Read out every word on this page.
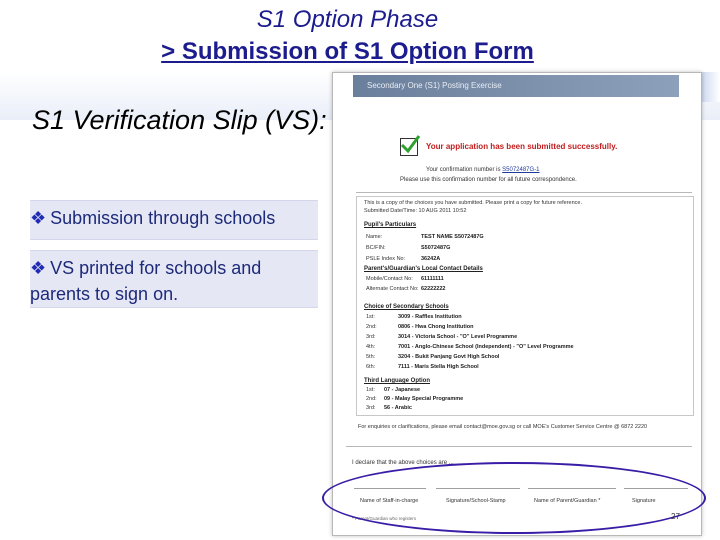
S1 Option Phase
> Submission of S1 Option Form
S1 Verification Slip (VS):
❖ Submission through schools
❖ VS printed for schools and parents to sign on.
Secondary One (S1) Posting Exercise
Your application has been submitted successfully.
Your confirmation number is S5072487G-1
Please use this confirmation number for all future correspondence.
This is a copy of the choices you have submitted. Please print a copy for future reference.
Submitted Date/Time: 10 AUG 2011 10:52
Pupil's Particulars
Name:	TEST NAME S5072487G
BC/FIN:	S5072487G
PSLE Index No:	36242A
Parent's/Guardian's Local Contact Details
Mobile/Contact No: 61111111
Alternate Contact No: 62222222
Choice of Secondary Schools
1st:	3009 - Raffles Institution
2nd:	0806 - Hwa Chong Institution
3rd:	3014 - Victoria School - "O" Level Programme
4th:	7001 - Anglo-Chinese School (Independent) - "O" Level Programme
5th:	3204 - Bukit Panjang Govt High School
6th:	7111 - Maris Stella High School
Third Language Option
1st: 07 - Japanese
2nd: 09 - Malay Special Programme
3rd: 56 - Arabic
For enquiries or clarifications, please email contact@moe.gov.sg or call MOE's Customer Service Centre @ 6872 2220
I declare that the above choices are ...
Name of Staff-in-charge	Signature/School-Stamp	Name of Parent/Guardian *	Signature
* Parent/Guardian who registers	27
